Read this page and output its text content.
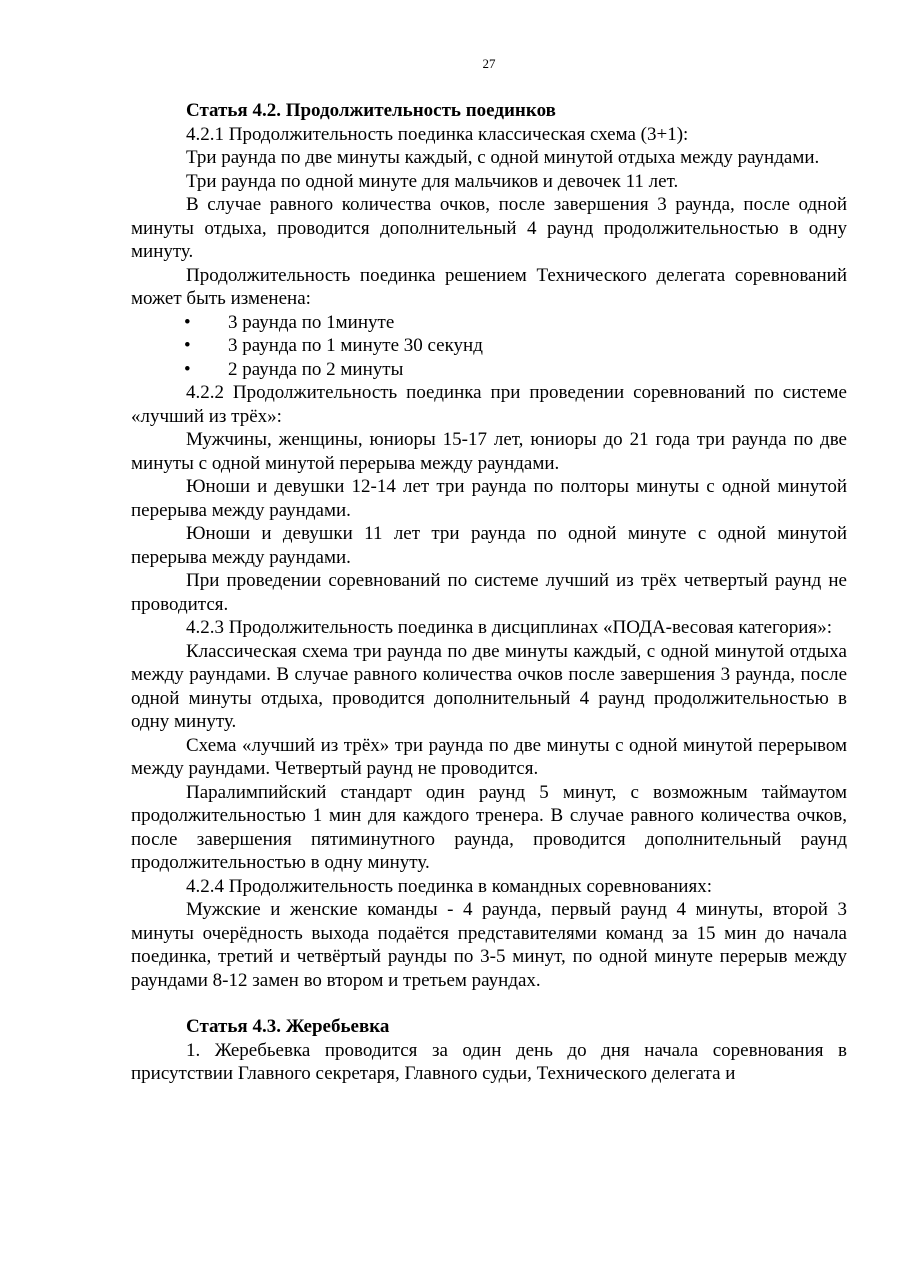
27
Статья 4.2. Продолжительность поединков

4.2.1 Продолжительность поединка классическая схема (3+1):

Три раунда по две минуты каждый, с одной минутой отдыха между раундами.

Три раунда по одной минуте для мальчиков и девочек 11 лет.

В случае равного количества очков, после завершения 3 раунда, после одной минуты отдыха, проводится дополнительный 4 раунд продолжительностью в одну минуту.

Продолжительность поединка решением Технического делегата соревнований может быть изменена:

• 3 раунда по 1минуте
• 3 раунда по 1 минуте 30 секунд
• 2 раунда по 2 минуты

4.2.2 Продолжительность поединка при проведении соревнований по системе «лучший из трёх»:

Мужчины, женщины, юниоры 15-17 лет, юниоры до 21 года три раунда по две минуты с одной минутой перерыва между раундами.

Юноши и девушки 12-14 лет три раунда по полторы минуты с одной минутой перерыва между раундами.

Юноши и девушки 11 лет три раунда по одной минуте с одной минутой перерыва между раундами.

При проведении соревнований по системе лучший из трёх четвертый раунд не проводится.

4.2.3 Продолжительность поединка в дисциплинах «ПОДА-весовая категория»:

Классическая схема три раунда по две минуты каждый, с одной минутой отдыха между раундами. В случае равного количества очков после завершения 3 раунда, после одной минуты отдыха, проводится дополнительный 4 раунд продолжительностью в одну минуту.

Схема «лучший из трёх» три раунда по две минуты с одной минутой перерывом между раундами. Четвертый раунд не проводится.

Паралимпийский стандарт один раунд 5 минут, с возможным таймаутом продолжительностью 1 мин для каждого тренера. В случае равного количества очков, после завершения пятиминутного раунда, проводится дополнительный раунд продолжительностью в одну минуту.

4.2.4 Продолжительность поединка в командных соревнованиях:

Мужские и женские команды - 4 раунда, первый раунд 4 минуты, второй 3 минуты очерёдность выхода подаётся представителями команд за 15 мин до начала поединка, третий и четвёртый раунды по 3-5 минут, по одной минуте перерыв между раундами 8-12 замен во втором и третьем раундах.

Статья 4.3. Жеребьевка

1. Жеребьевка проводится за один день до дня начала соревнования в присутствии Главного секретаря, Главного судьи, Технического делегата и
